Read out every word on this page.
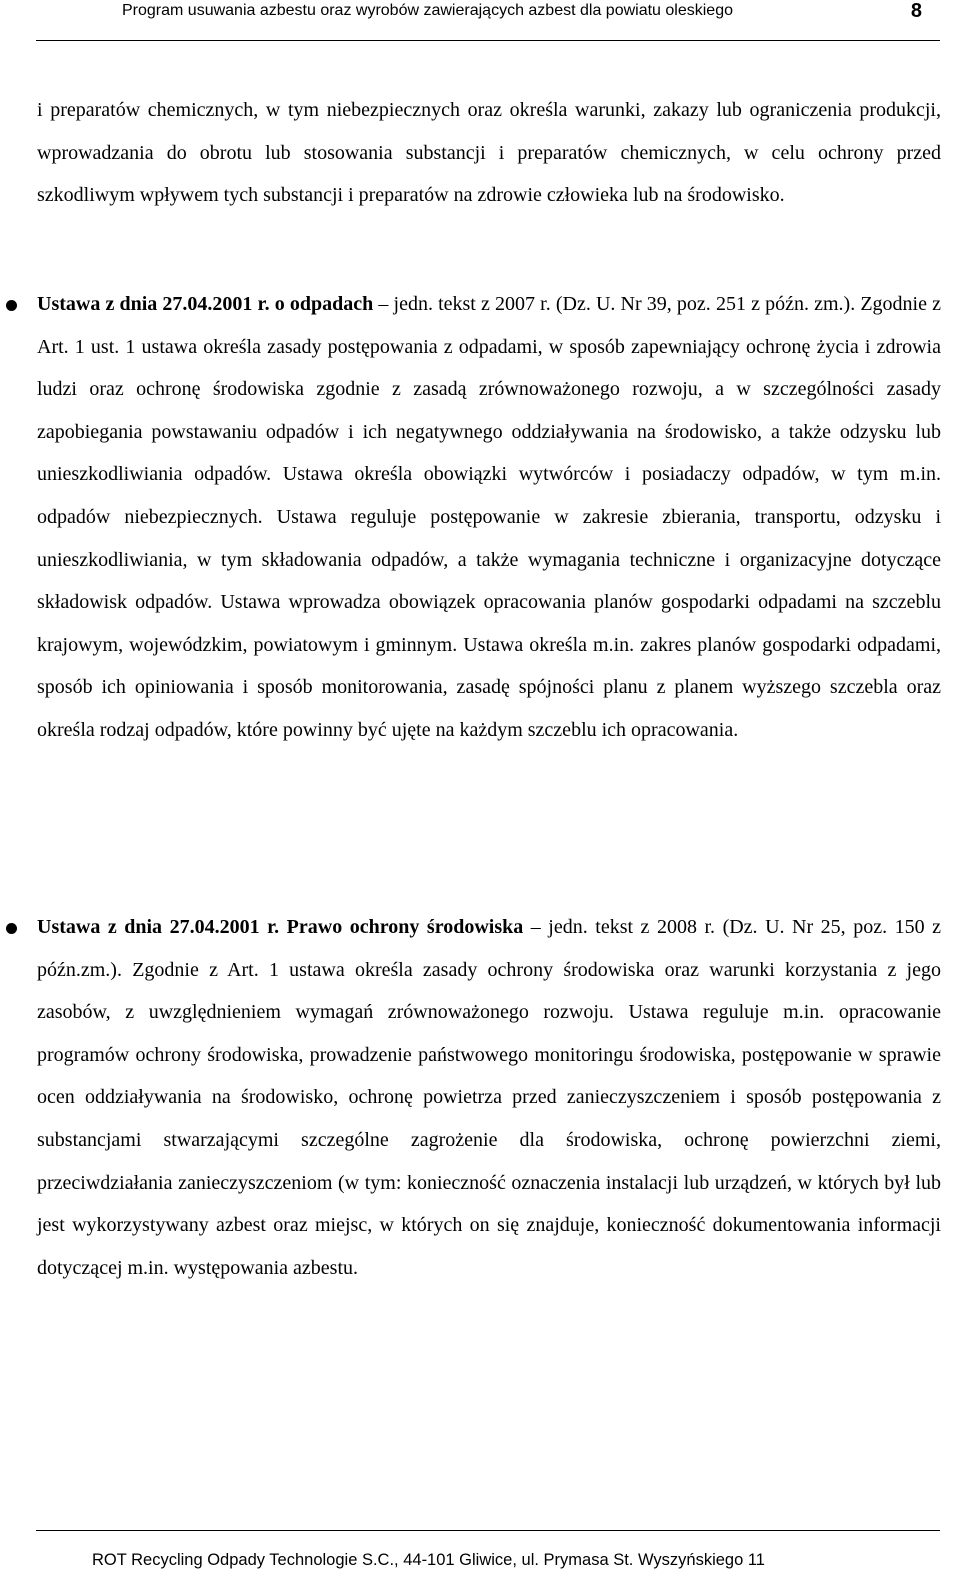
Program usuwania azbestu oraz wyrobów zawierających azbest dla powiatu oleskiego	8

i preparatów chemicznych, w tym niebezpiecznych oraz określa warunki, zakazy lub ograniczenia produkcji, wprowadzania do obrotu lub stosowania substancji i preparatów chemicznych, w celu ochrony przed szkodliwym wpływem tych substancji i preparatów na zdrowie człowieka lub na środowisko.

Ustawa z dnia 27.04.2001 r. o odpadach – jedn. tekst z 2007 r. (Dz. U. Nr 39, poz. 251 z późn. zm.). Zgodnie z Art. 1 ust. 1 ustawa określa zasady postępowania z odpadami, w sposób zapewniający ochronę życia i zdrowia ludzi oraz ochronę środowiska zgodnie z zasadą zrównoważonego rozwoju, a w szczególności zasady zapobiegania powstawaniu odpadów i ich negatywnego oddziaływania na środowisko, a także odzysku lub unieszkodliwiania odpadów. Ustawa określa obowiązki wytwórców i posiadaczy odpadów, w tym m.in. odpadów niebezpiecznych. Ustawa reguluje postępowanie w zakresie zbierania, transportu, odzysku i unieszkodliwiania, w tym składowania odpadów, a także wymagania techniczne i organizacyjne dotyczące składowisk odpadów. Ustawa wprowadza obowiązek opracowania planów gospodarki odpadami na szczeblu krajowym, wojewódzkim, powiatowym i gminnym. Ustawa określa m.in. zakres planów gospodarki odpadami, sposób ich opiniowania i sposób monitorowania, zasadę spójności planu z planem wyższego szczebla oraz określa rodzaj odpadów, które powinny być ujęte na każdym szczeblu ich opracowania.

Ustawa z dnia 27.04.2001 r. Prawo ochrony środowiska – jedn. tekst z 2008 r. (Dz. U. Nr 25, poz. 150 z późn.zm.). Zgodnie z Art. 1 ustawa określa zasady ochrony środowiska oraz warunki korzystania z jego zasobów, z uwzględnieniem wymagań zrównoważonego rozwoju. Ustawa reguluje m.in. opracowanie programów ochrony środowiska, prowadzenie państwowego monitoringu środowiska, postępowanie w sprawie ocen oddziaływania na środowisko, ochronę powietrza przed zanieczyszczeniem i sposób postępowania z substancjami stwarzającymi szczególne zagrożenie dla środowiska, ochronę powierzchni ziemi, przeciwdziałania zanieczyszczeniom (w tym: konieczność oznaczenia instalacji lub urządzeń, w których był lub jest wykorzystywany azbest oraz miejsc, w których on się znajduje, konieczność dokumentowania informacji dotyczącej m.in. występowania azbestu.

ROT Recycling Odpady Technologie S.C., 44-101 Gliwice, ul. Prymasa St. Wyszyńskiego 11
